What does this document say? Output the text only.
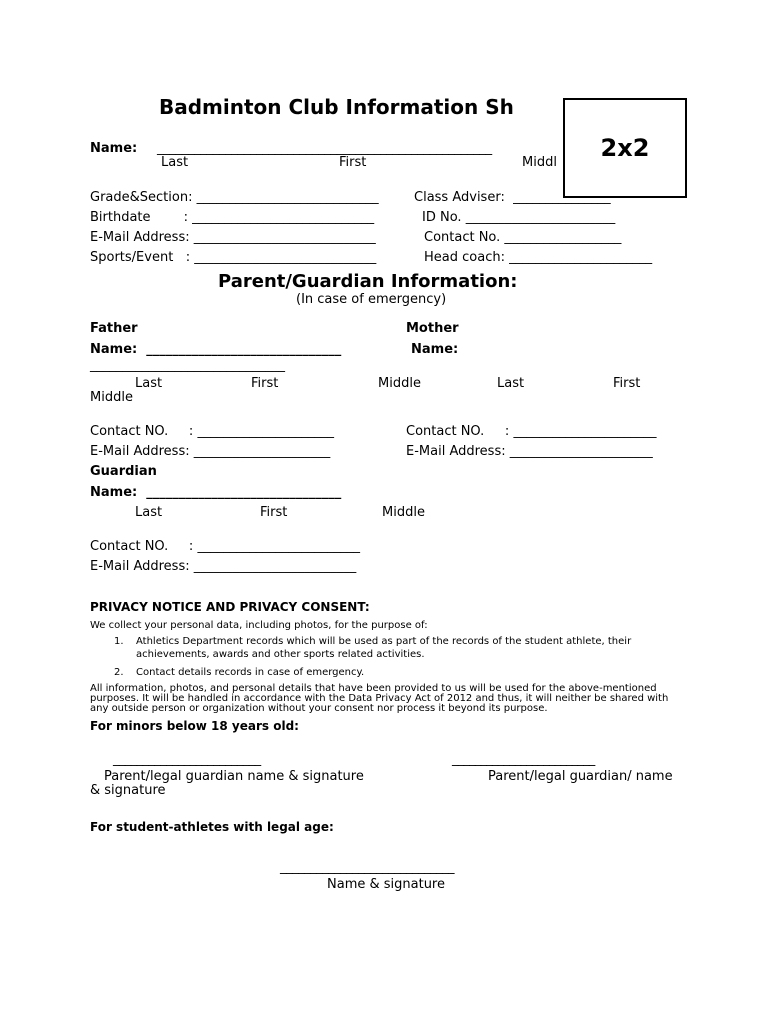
Badminton Club Information Sh
2x2
Name: ______________________________________________________
Last	First	Middl
Grade&Section: ____________________________	Class Adviser:  _______________
Birthdate        : ____________________________	ID No. _______________________
E-Mail Address: ____________________________	Contact No. __________________
Sports/Event   : ____________________________	Head coach: ______________________
Parent/Guardian Information:
(In case of emergency)
Father	Mother
Name:  ______________________________	Name:
______________________________
Last	First	Middle	Last	First
Middle
Contact NO.     : _____________________	Contact NO.     : ______________________
E-Mail Address: _____________________	E-Mail Address: ______________________
Guardian
Name:  ______________________________
Last	First	Middle
Contact NO.     : _________________________
E-Mail Address: _________________________
PRIVACY NOTICE AND PRIVACY CONSENT:
We collect your personal data, including photos, for the purpose of:
1. Athletics Department records which will be used as part of the records of the student athlete, their
achievements, awards and other sports related activities.
2. Contact details records in case of emergency.
All information, photos, and personal details that have been provided to us will be used for the above-mentioned
purposes. It will be handled in accordance with the Data Privacy Act of 2012 and thus, it will neither be shared with
any outside person or organization without your consent nor process it beyond its purpose.
For minors below 18 years old:
_________________________	_________________________
Parent/legal guardian name & signature	Parent/legal guardian/ name
& signature
For student-athletes with legal age:
_____________________________
Name & signature
